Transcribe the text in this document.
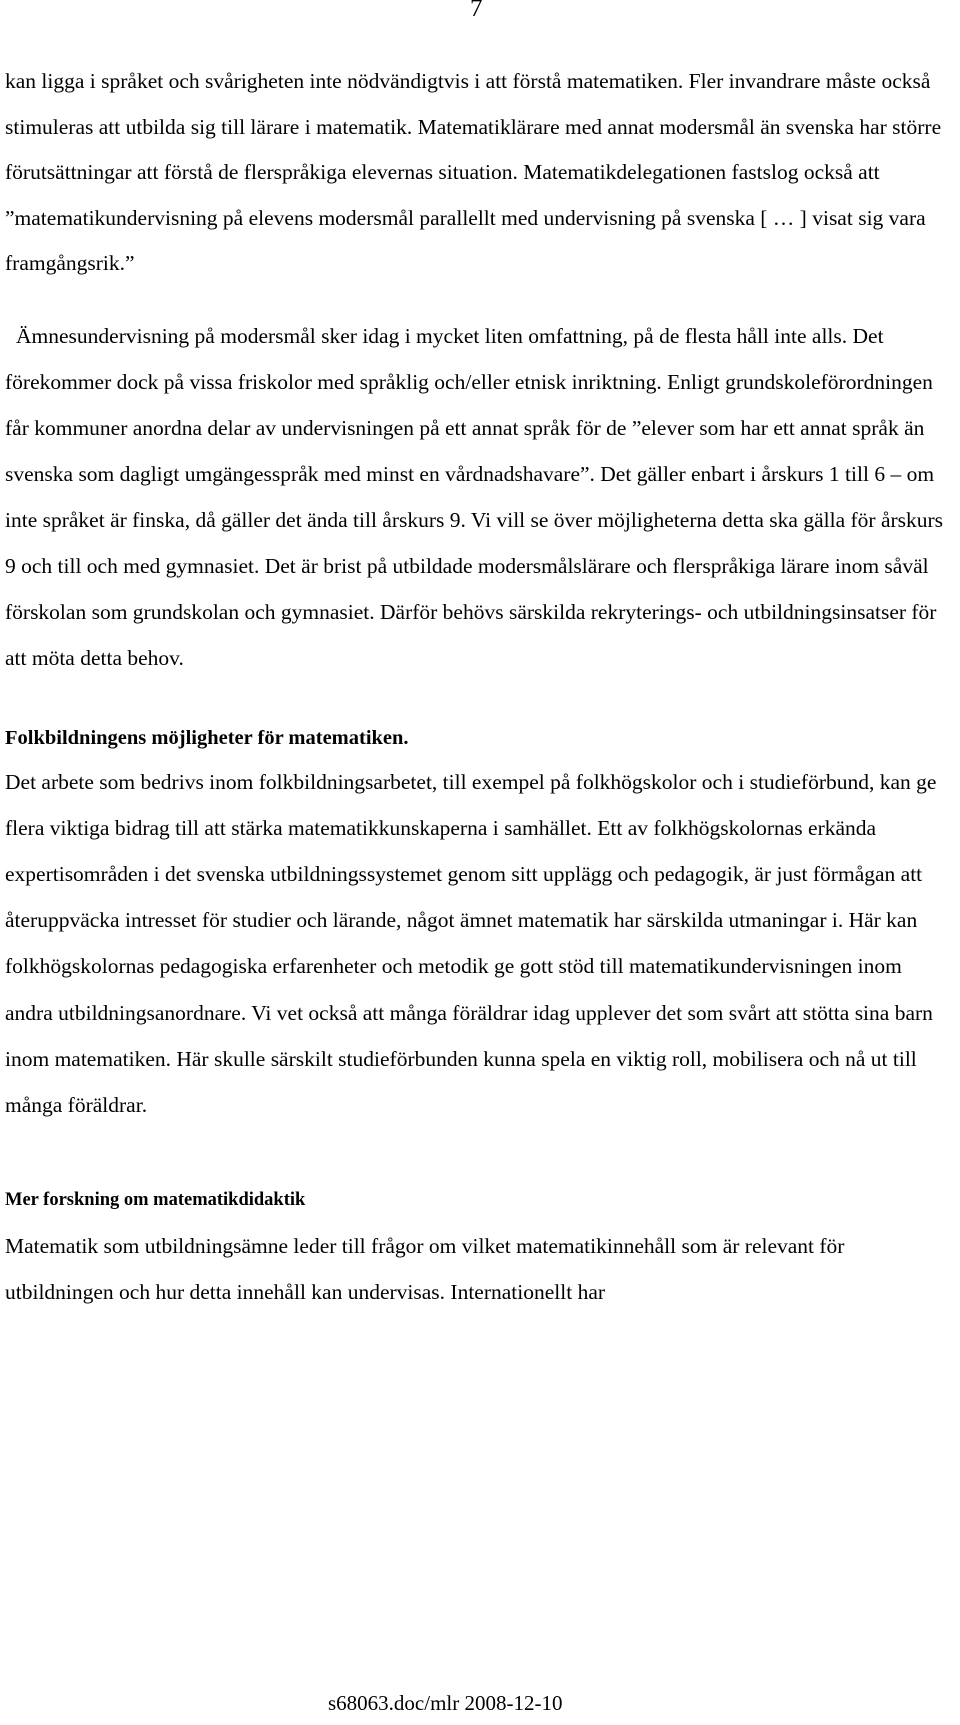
7

kan ligga i språket och svårigheten inte nödvändigtvis i att förstå matematiken. Fler invandrare måste också stimuleras att utbilda sig till lärare i matematik. Matematiklärare med annat modersmål än svenska har större förutsättningar att förstå de flerspråkiga elevernas situation. Matematikdelegationen fastslog också att ”matematikundervisning på elevens modersmål parallellt med undervisning på svenska [ … ] visat sig vara framgångsrik.”

Ämnesundervisning på modersmål sker idag i mycket liten omfattning, på de flesta håll inte alls. Det förekommer dock på vissa friskolor med språklig och/eller etnisk inriktning. Enligt grundskoleförordningen får kommuner anordna delar av undervisningen på ett annat språk för de ”elever som har ett annat språk än svenska som dagligt umgängesspråk med minst en vårdnadshavare”. Det gäller enbart i årskurs 1 till 6 – om inte språket är finska, då gäller det ända till årskurs 9. Vi vill se över möjligheterna detta ska gälla för årskurs 9 och till och med gymnasiet. Det är brist på utbildade modersmålslärare och flerspråkiga lärare inom såväl förskolan som grundskolan och gymnasiet. Därför behövs särskilda rekryterings- och utbildningsinsatser för att möta detta behov.

Folkbildningens möjligheter för matematiken.

Det arbete som bedrivs inom folkbildningsarbetet, till exempel på folkhögskolor och i studieförbund, kan ge flera viktiga bidrag till att stärka matematikkunskaperna i samhället. Ett av folkhögskolornas erkända expertisområden i det svenska utbildningssystemet genom sitt upplägg och pedagogik, är just förmågan att återuppväcka intresset för studier och lärande, något ämnet matematik har särskilda utmaningar i. Här kan folkhögskolornas pedagogiska erfarenheter och metodik ge gott stöd till matematikundervisningen inom andra utbildningsanordnare. Vi vet också att många föräldrar idag upplever det som svårt att stötta sina barn inom matematiken. Här skulle särskilt studieförbunden kunna spela en viktig roll, mobilisera och nå ut till många föräldrar.

Mer forskning om matematikdidaktik

Matematik som utbildningsämne leder till frågor om vilket matematikinnehåll som är relevant för utbildningen och hur detta innehåll kan undervisas. Internationellt har

s68063.doc/mlr 2008-12-10
